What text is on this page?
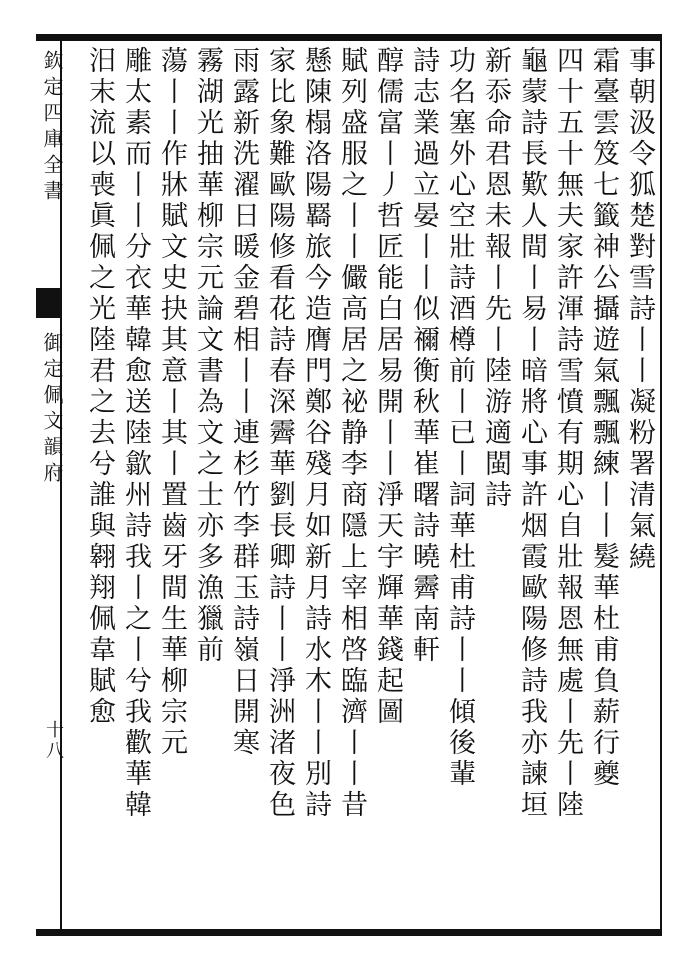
欽定四庫全書
御定佩文韻府
十八
事朝汲令狐楚對雪詩丨丨凝粉署清氣繞
霜臺雲笈七籤神公攝遊氣飄飄練丨丨髮華杜甫負薪行夔
四十五十無夫家許渾詩雪憤有期心自壯報恩無處丨先丨陸
龜蒙詩長歎人間丨易丨暗將心事許烟霞歐陽修詩我亦諫垣
新忝命君恩未報丨先丨陸游適閩詩
功名塞外心空壯詩酒樽前丨已丨詞華杜甫詩丨丨傾後輩
詩志業過立晏丨丨似禰衡秋華崔曙詩曉霽南軒
醇儒富丨丿哲匠能白居易開丨丨淨天宇輝華錢起圖
賦列盛服之丨丨儼高居之祕静李商隱上宰相啓臨濟丨丨昔
懸陳榻洛陽羇旅今造膺門鄭谷殘月如新月詩水木丨丨別詩
家比象難歐陽修看花詩春深霽華劉長卿詩丨丨淨洲渚夜色
雨露新洗濯日暖金碧相丨丨連杉竹李群玉詩嶺日開寒
霧湖光抽華柳宗元論文書為文之士亦多漁獵前
蕩丨丨作牀賦文史抉其意丨其丨置齒牙間生華柳宗元
雕太素而丨丨分衣華韓愈送陸歙州詩我丨之丨兮我歡華韓
汨末流以喪眞佩之光陸君之去兮誰與翱翔佩韋賦愈
